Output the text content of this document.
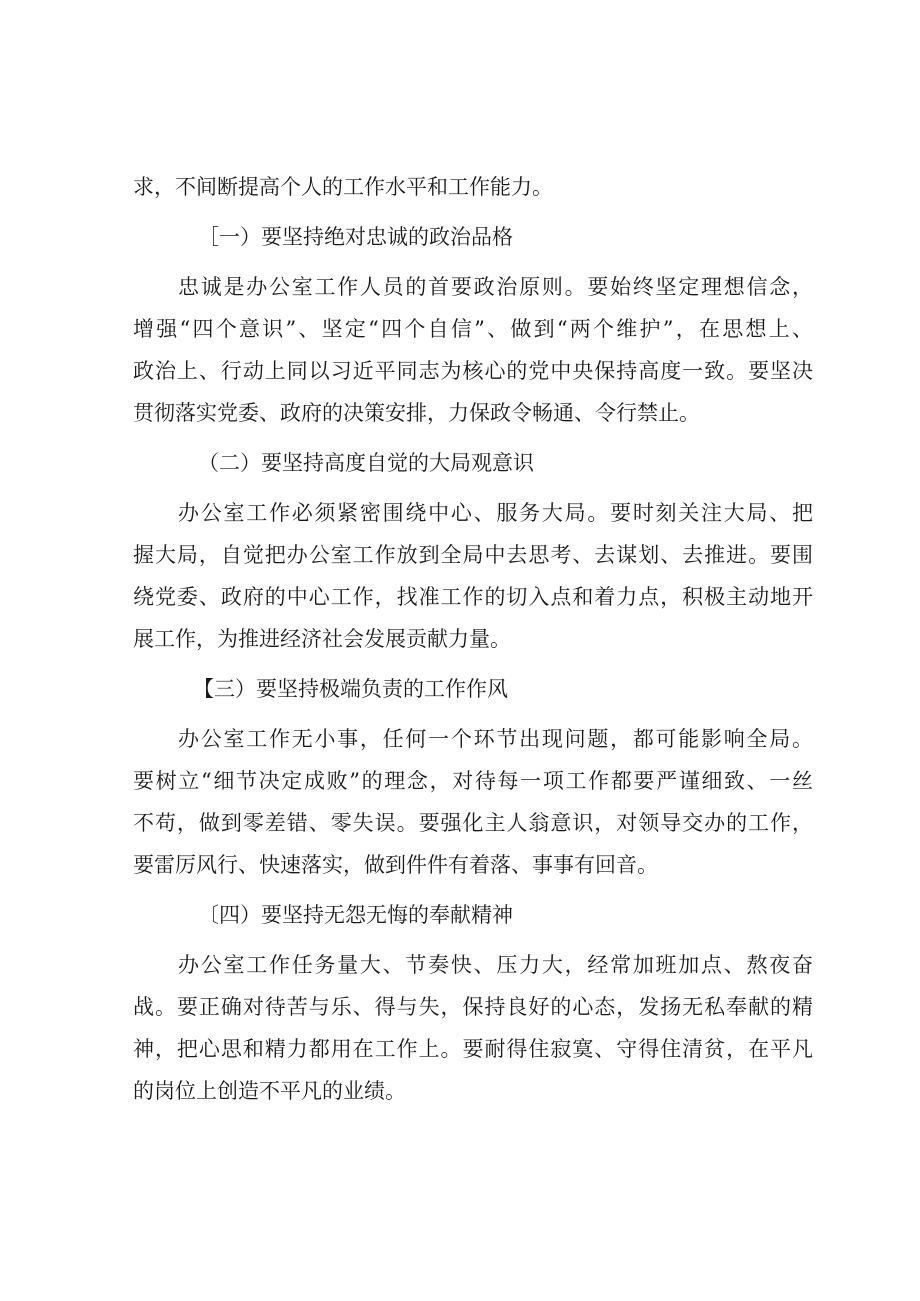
求，不间断提高个人的工作水平和工作能力。
［一）要坚持绝对忠诚的政治品格
忠诚是办公室工作人员的首要政治原则。要始终坚定理想信念，
增强“四个意识”、坚定“四个自信”、做到“两个维护”，在思想上、
政治上、行动上同以习近平同志为核心的党中央保持高度一致。要坚决
贯彻落实党委、政府的决策安排，力保政令畅通、令行禁止。
（二）要坚持高度自觉的大局观意识
办公室工作必须紧密围绕中心、服务大局。要时刻关注大局、把
握大局，自觉把办公室工作放到全局中去思考、去谋划、去推进。要围
绕党委、政府的中心工作，找准工作的切入点和着力点，积极主动地开
展工作，为推进经济社会发展贡献力量。
【三）要坚持极端负责的工作作风
办公室工作无小事，任何一个环节出现问题，都可能影响全局。
要树立“细节决定成败”的理念，对待每一项工作都要严谨细致、一丝
不苟，做到零差错、零失误。要强化主人翁意识，对领导交办的工作，
要雷厉风行、快速落实，做到件件有着落、事事有回音。
〔四）要坚持无怨无悔的奉献精神
办公室工作任务量大、节奏快、压力大，经常加班加点、熬夜奋
战。要正确对待苦与乐、得与失，保持良好的心态，发扬无私奉献的精
神，把心思和精力都用在工作上。要耐得住寂寞、守得住清贫，在平凡
的岗位上创造不平凡的业绩。
